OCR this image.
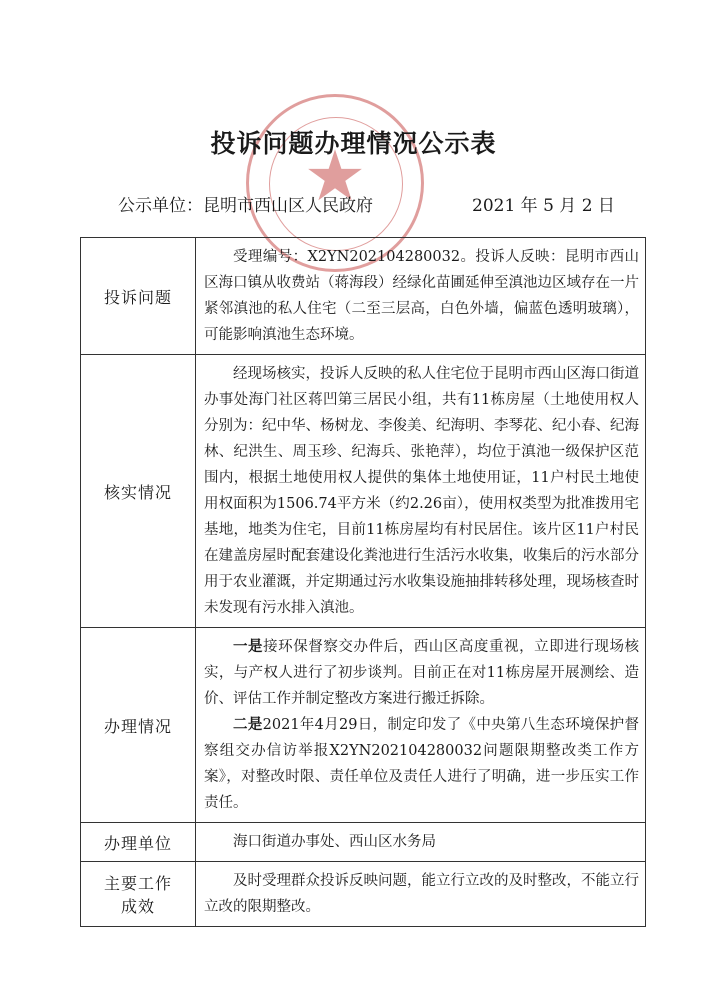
★
投诉问题办理情况公示表
公示单位：昆明市西山区人民政府	2021 年 5 月 2 日
投诉问题	受理编号：X2YN202104280032。投诉人反映：昆明市西山区海口镇从收费站（蒋海段）经绿化苗圃延伸至滇池边区域存在一片紧邻滇池的私人住宅（二至三层高，白色外墙，偏蓝色透明玻璃），可能影响滇池生态环境。

核实情况	经现场核实，投诉人反映的私人住宅位于昆明市西山区海口街道办事处海门社区蒋凹第三居民小组，共有11栋房屋（土地使用权人分别为：纪中华、杨树龙、李俊美、纪海明、李琴花、纪小春、纪海林、纪洪生、周玉珍、纪海兵、张艳萍），均位于滇池一级保护区范围内，根据土地使用权人提供的集体土地使用证，11户村民土地使用权面积为1506.74平方米（约2.26亩），使用权类型为批准拨用宅基地，地类为住宅，目前11栋房屋均有村民居住。该片区11户村民在建盖房屋时配套建设化粪池进行生活污水收集，收集后的污水部分用于农业灌溉，并定期通过污水收集设施抽排转移处理，现场核查时未发现有污水排入滇池。

办理情况	一是接环保督察交办件后，西山区高度重视，立即进行现场核实，与产权人进行了初步谈判。目前正在对11栋房屋开展测绘、造价、评估工作并制定整改方案进行搬迁拆除。

二是2021年4月29日，制定印发了《中央第八生态环境保护督察组交办信访举报X2YN202104280032问题限期整改类工作方案》，对整改时限、责任单位及责任人进行了明确，进一步压实工作责任。

办理单位	海口街道办事处、西山区水务局

主要工作
成效	及时受理群众投诉反映问题，能立行立改的及时整改，不能立行立改的限期整改。
